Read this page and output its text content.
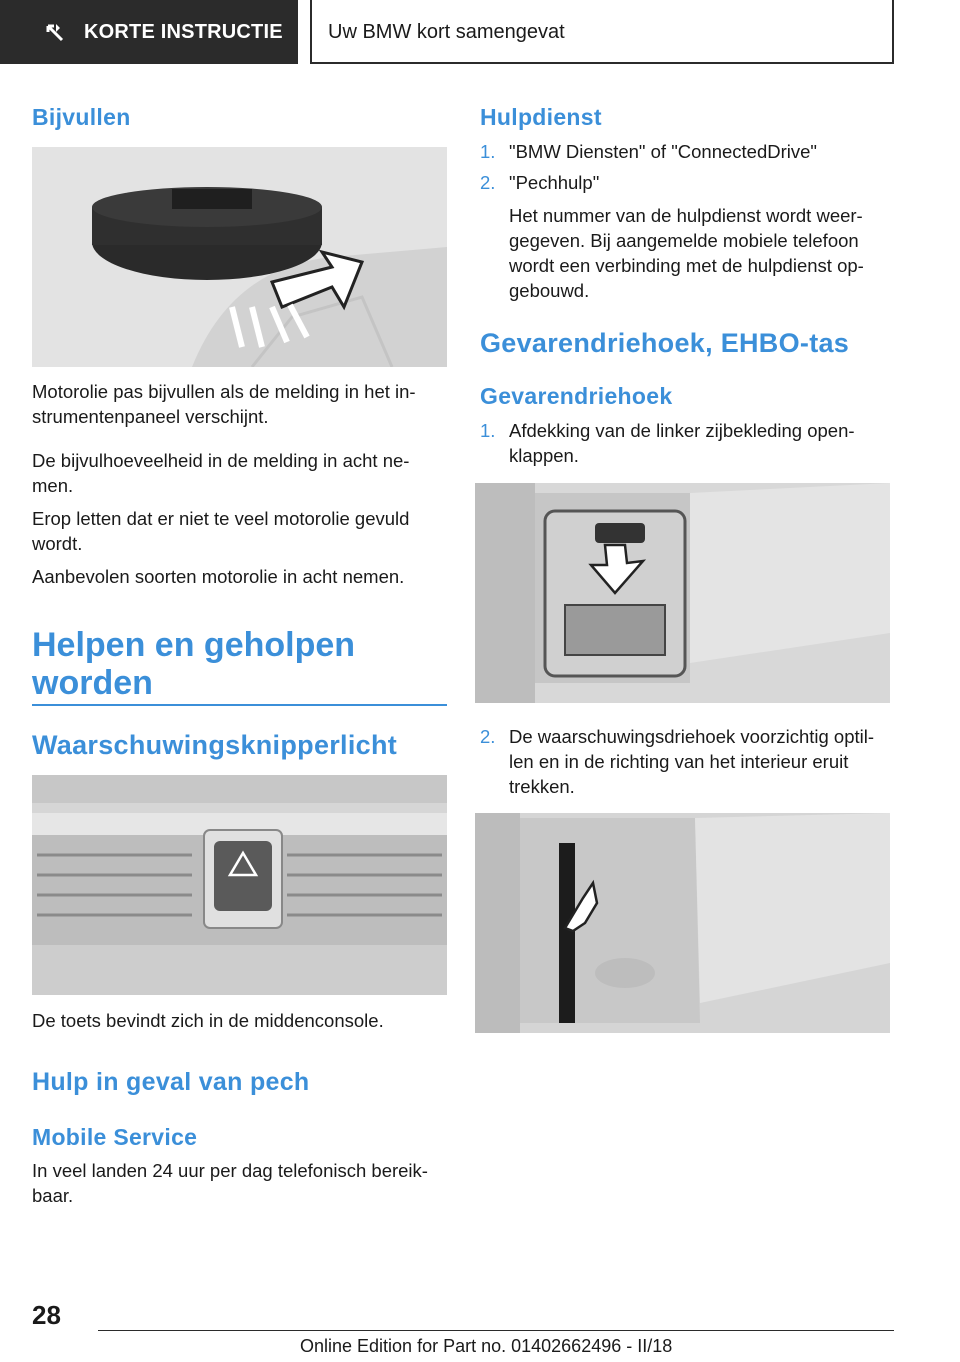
KORTE INSTRUCTIE Uw BMW kort samengevat
Bijvullen

Motorolie pas bijvullen als de melding in het in-
strumentenpaneel verschijnt.

De bijvulhoeveelheid in de melding in acht ne-
men.

Erop letten dat er niet te veel motorolie gevuld
wordt.

Aanbevolen soorten motorolie in acht nemen.

Helpen en geholpen
worden
Waarschuwingsknipperlicht

De toets bevindt zich in de middenconsole.

Hulp in geval van pech
Mobile Service

In veel landen 24 uur per dag telefonisch bereik-
baar.

Hulpdienst
1. "BMW Diensten" of "ConnectedDrive"

2. "Pechhulp"

Het nummer van de hulpdienst wordt weer-
gegeven. Bij aangemelde mobiele telefoon
wordt een verbinding met de hulpdienst op-
gebouwd.

Gevarendriehoek, EHBO-tas
Gevarendriehoek
1. Afdekking van de linker zijbekleding open-
klappen.

2. De waarschuwingsdriehoek voorzichtig optil-
len en in de richting van het interieur eruit
trekken.

28
Online Edition for Part no. 01402662496 - II/18
